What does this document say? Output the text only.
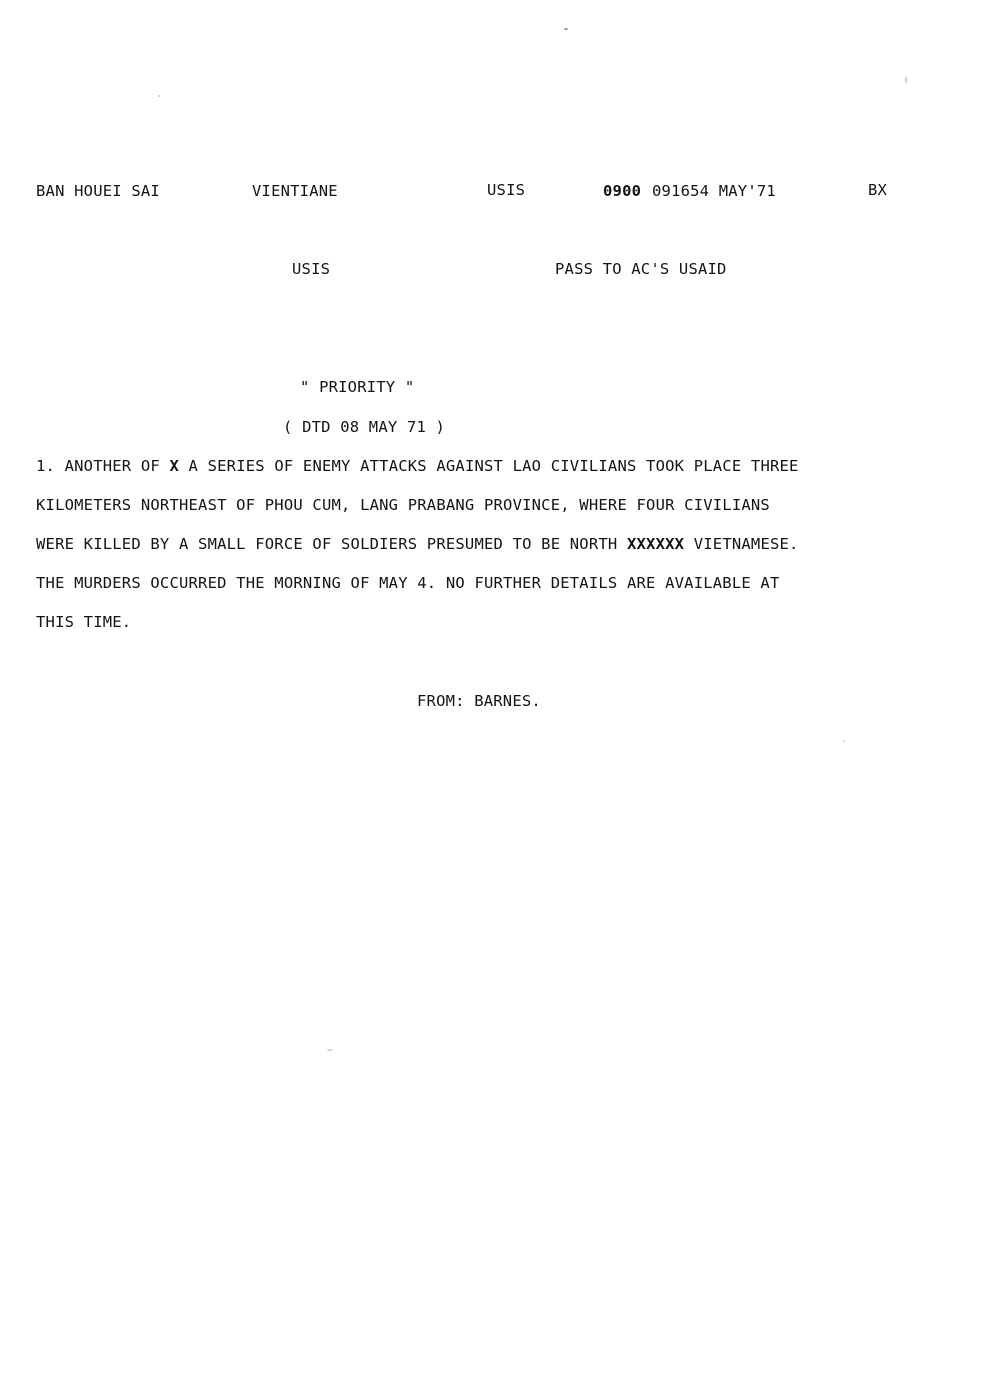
BAN HOUEI SAI	VIENTIANE	USIS	0900 091654 MAY'71	BX
USIS	PASS TO AC'S USAID
" PRIORITY "
( DTD 08 MAY 71 )
1. ANOTHER OF X A SERIES OF ENEMY ATTACKS AGAINST LAO CIVILIANS TOOK PLACE THREE
KILOMETERS NORTHEAST OF PHOU CUM, LANG PRABANG PROVINCE, WHERE FOUR CIVILIANS
WERE KILLED BY A SMALL FORCE OF SOLDIERS PRESUMED TO BE NORTH XXXXXX VIETNAMESE.
THE MURDERS OCCURRED THE MORNING OF MAY 4. NO FURTHER DETAILS ARE AVAILABLE AT
THIS TIME.
FROM: BARNES.
